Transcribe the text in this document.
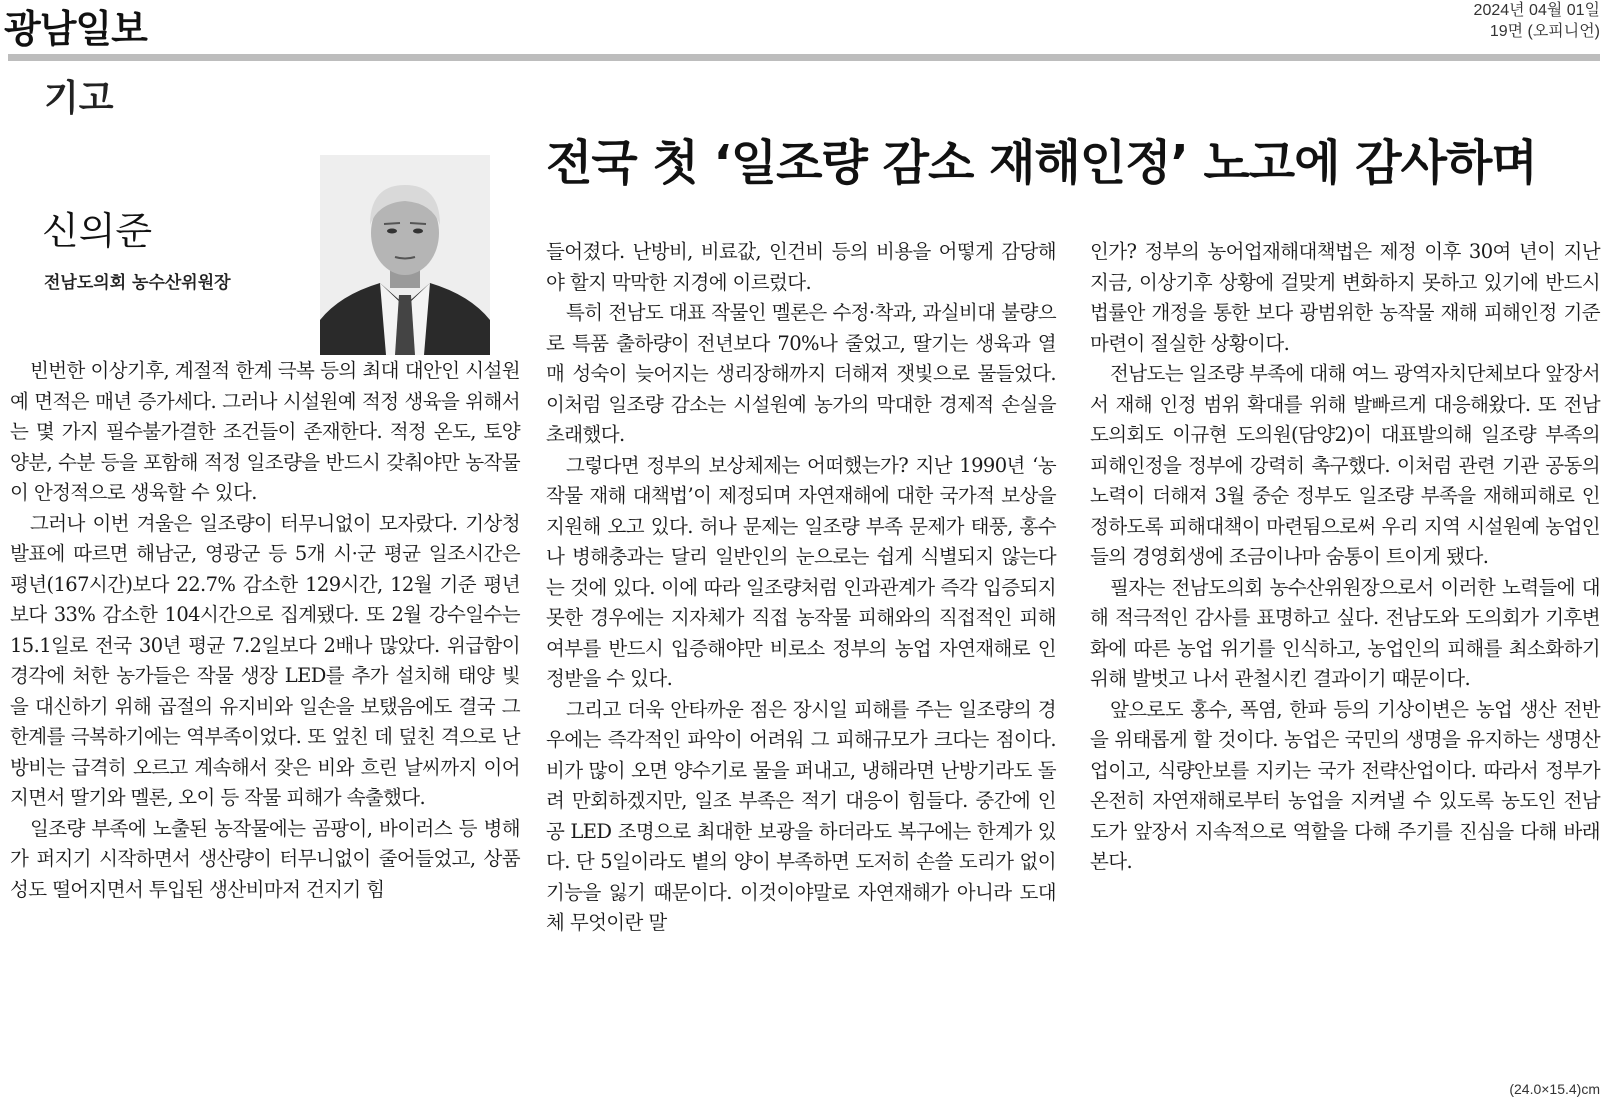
광남일보	2024년 04월 01일
19면 (오피니언)
기고
전국 첫 ‘일조량 감소 재해인정’ 노고에 감사하며
신의준
전남도의회 농수산위원장

빈번한 이상기후, 계절적 한계 극복 등의 최대 대안인 시설원예 면적은 매년 증가세다. 그러나 시설원예 적정 생육을 위해서는 몇 가지 필수불가결한 조건들이 존재한다. 적정 온도, 토양 양분, 수분 등을 포함해 적정 일조량을 반드시 갖춰야만 농작물이 안정적으로 생육할 수 있다.

그러나 이번 겨울은 일조량이 터무니없이 모자랐다. 기상청 발표에 따르면 해남군, 영광군 등 5개 시·군 평균 일조시간은 평년(167시간)보다 22.7% 감소한 129시간, 12월 기준 평년보다 33% 감소한 104시간으로 집계됐다. 또 2월 강수일수는 15.1일로 전국 30년 평균 7.2일보다 2배나 많았다. 위급함이 경각에 처한 농가들은 작물 생장 LED를 추가 설치해 태양 빛을 대신하기 위해 곱절의 유지비와 일손을 보탰음에도 결국 그 한계를 극복하기에는 역부족이었다. 또 엎친 데 덮친 격으로 난방비는 급격히 오르고 계속해서 잦은 비와 흐린 날씨까지 이어지면서 딸기와 멜론, 오이 등 작물 피해가 속출했다.

일조량 부족에 노출된 농작물에는 곰팡이, 바이러스 등 병해가 퍼지기 시작하면서 생산량이 터무니없이 줄어들었고, 상품성도 떨어지면서 투입된 생산비마저 건지기 힘

들어졌다. 난방비, 비료값, 인건비 등의 비용을 어떻게 감당해야 할지 막막한 지경에 이르렀다.

특히 전남도 대표 작물인 멜론은 수정·착과, 과실비대 불량으로 특품 출하량이 전년보다 70%나 줄었고, 딸기는 생육과 열매 성숙이 늦어지는 생리장해까지 더해져 잿빛으로 물들었다. 이처럼 일조량 감소는 시설원예 농가의 막대한 경제적 손실을 초래했다.

그렇다면 정부의 보상체제는 어떠했는가? 지난 1990년 ‘농작물 재해 대책법’이 제정되며 자연재해에 대한 국가적 보상을 지원해 오고 있다. 허나 문제는 일조량 부족 문제가 태풍, 홍수나 병해충과는 달리 일반인의 눈으로는 쉽게 식별되지 않는다는 것에 있다. 이에 따라 일조량처럼 인과관계가 즉각 입증되지 못한 경우에는 지자체가 직접 농작물 피해와의 직접적인 피해여부를 반드시 입증해야만 비로소 정부의 농업 자연재해로 인정받을 수 있다.

그리고 더욱 안타까운 점은 장시일 피해를 주는 일조량의 경우에는 즉각적인 파악이 어려워 그 피해규모가 크다는 점이다. 비가 많이 오면 양수기로 물을 퍼내고, 냉해라면 난방기라도 돌려 만회하겠지만, 일조 부족은 적기 대응이 힘들다. 중간에 인공 LED 조명으로 최대한 보광을 하더라도 복구에는 한계가 있다. 단 5일이라도 볕의 양이 부족하면 도저히 손쓸 도리가 없이 기능을 잃기 때문이다. 이것이야말로 자연재해가 아니라 도대체 무엇이란 말

인가? 정부의 농어업재해대책법은 제정 이후 30여 년이 지난 지금, 이상기후 상황에 걸맞게 변화하지 못하고 있기에 반드시 법률안 개정을 통한 보다 광범위한 농작물 재해 피해인정 기준 마련이 절실한 상황이다.

전남도는 일조량 부족에 대해 여느 광역자치단체보다 앞장서서 재해 인정 범위 확대를 위해 발빠르게 대응해왔다. 또 전남도의회도 이규현 도의원(담양2)이 대표발의해 일조량 부족의 피해인정을 정부에 강력히 촉구했다. 이처럼 관련 기관 공동의 노력이 더해져 3월 중순 정부도 일조량 부족을 재해피해로 인정하도록 피해대책이 마련됨으로써 우리 지역 시설원예 농업인들의 경영회생에 조금이나마 숨통이 트이게 됐다.

필자는 전남도의회 농수산위원장으로서 이러한 노력들에 대해 적극적인 감사를 표명하고 싶다. 전남도와 도의회가 기후변화에 따른 농업 위기를 인식하고, 농업인의 피해를 최소화하기 위해 발벗고 나서 관철시킨 결과이기 때문이다.

앞으로도 홍수, 폭염, 한파 등의 기상이변은 농업 생산 전반을 위태롭게 할 것이다. 농업은 국민의 생명을 유지하는 생명산업이고, 식량안보를 지키는 국가 전략산업이다. 따라서 정부가 온전히 자연재해로부터 농업을 지켜낼 수 있도록 농도인 전남도가 앞장서 지속적으로 역할을 다해 주기를 진심을 다해 바래본다.

(24.0×15.4)cm
